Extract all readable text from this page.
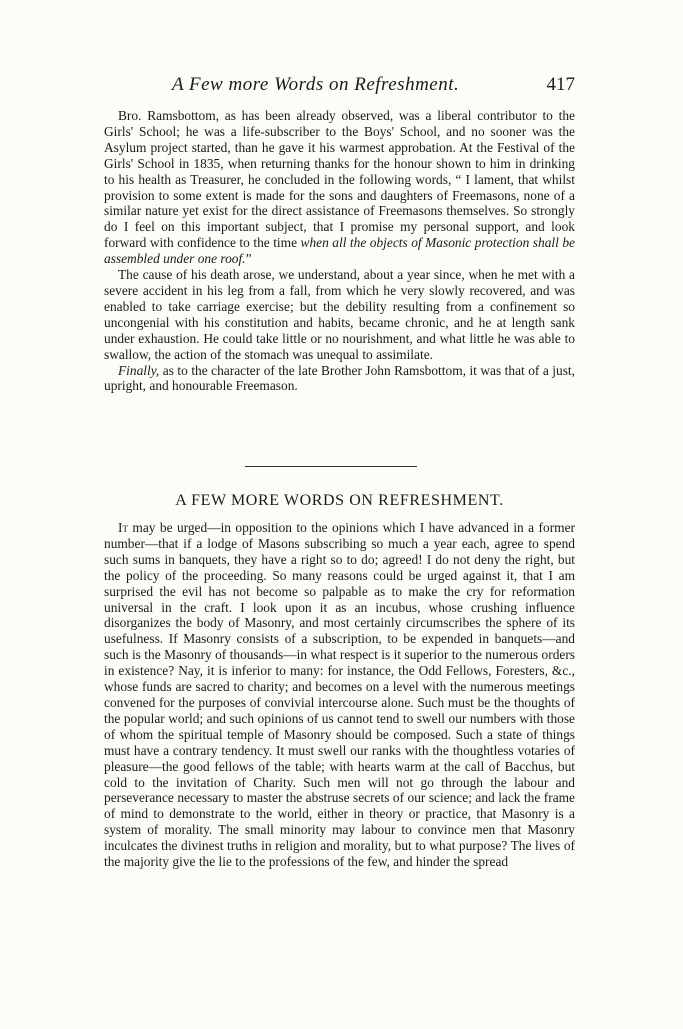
A Few more Words on Refreshment.	417

Bro. Ramsbottom, as has been already observed, was a liberal contributor to the Girls' School; he was a life-subscriber to the Boys' School, and no sooner was the Asylum project started, than he gave it his warmest approbation. At the Festival of the Girls' School in 1835, when returning thanks for the honour shown to him in drinking to his health as Treasurer, he concluded in the following words, “ I lament, that whilst provision to some extent is made for the sons and daughters of Freemasons, none of a similar nature yet exist for the direct assistance of Freemasons themselves. So strongly do I feel on this important subject, that I promise my personal support, and look forward with confidence to the time when all the objects of Masonic protection shall be assembled under one roof.”

The cause of his death arose, we understand, about a year since, when he met with a severe accident in his leg from a fall, from which he very slowly recovered, and was enabled to take carriage exercise; but the debility resulting from a confinement so uncongenial with his constitution and habits, became chronic, and he at length sank under exhaustion. He could take little or no nourishment, and what little he was able to swallow, the action of the stomach was unequal to assimilate.

Finally, as to the character of the late Brother John Ramsbottom, it was that of a just, upright, and honourable Freemason.

A FEW MORE WORDS ON REFRESHMENT.

It may be urged—in opposition to the opinions which I have advanced in a former number—that if a lodge of Masons subscribing so much a year each, agree to spend such sums in banquets, they have a right so to do; agreed! I do not deny the right, but the policy of the proceeding. So many reasons could be urged against it, that I am surprised the evil has not become so palpable as to make the cry for reformation universal in the craft. I look upon it as an incubus, whose crushing influence disorganizes the body of Masonry, and most certainly circumscribes the sphere of its usefulness. If Masonry consists of a subscription, to be expended in banquets—and such is the Masonry of thousands—in what respect is it superior to the numerous orders in existence? Nay, it is inferior to many: for instance, the Odd Fellows, Foresters, &c., whose funds are sacred to charity; and becomes on a level with the numerous meetings convened for the purposes of convivial intercourse alone. Such must be the thoughts of the popular world; and such opinions of us cannot tend to swell our numbers with those of whom the spiritual temple of Masonry should be composed. Such a state of things must have a contrary tendency. It must swell our ranks with the thoughtless votaries of pleasure—the good fellows of the table; with hearts warm at the call of Bacchus, but cold to the invitation of Charity. Such men will not go through the labour and perseverance necessary to master the abstruse secrets of our science; and lack the frame of mind to demonstrate to the world, either in theory or practice, that Masonry is a system of morality. The small minority may labour to convince men that Masonry inculcates the divinest truths in religion and morality, but to what purpose? The lives of the majority give the lie to the professions of the few, and hinder the spread
